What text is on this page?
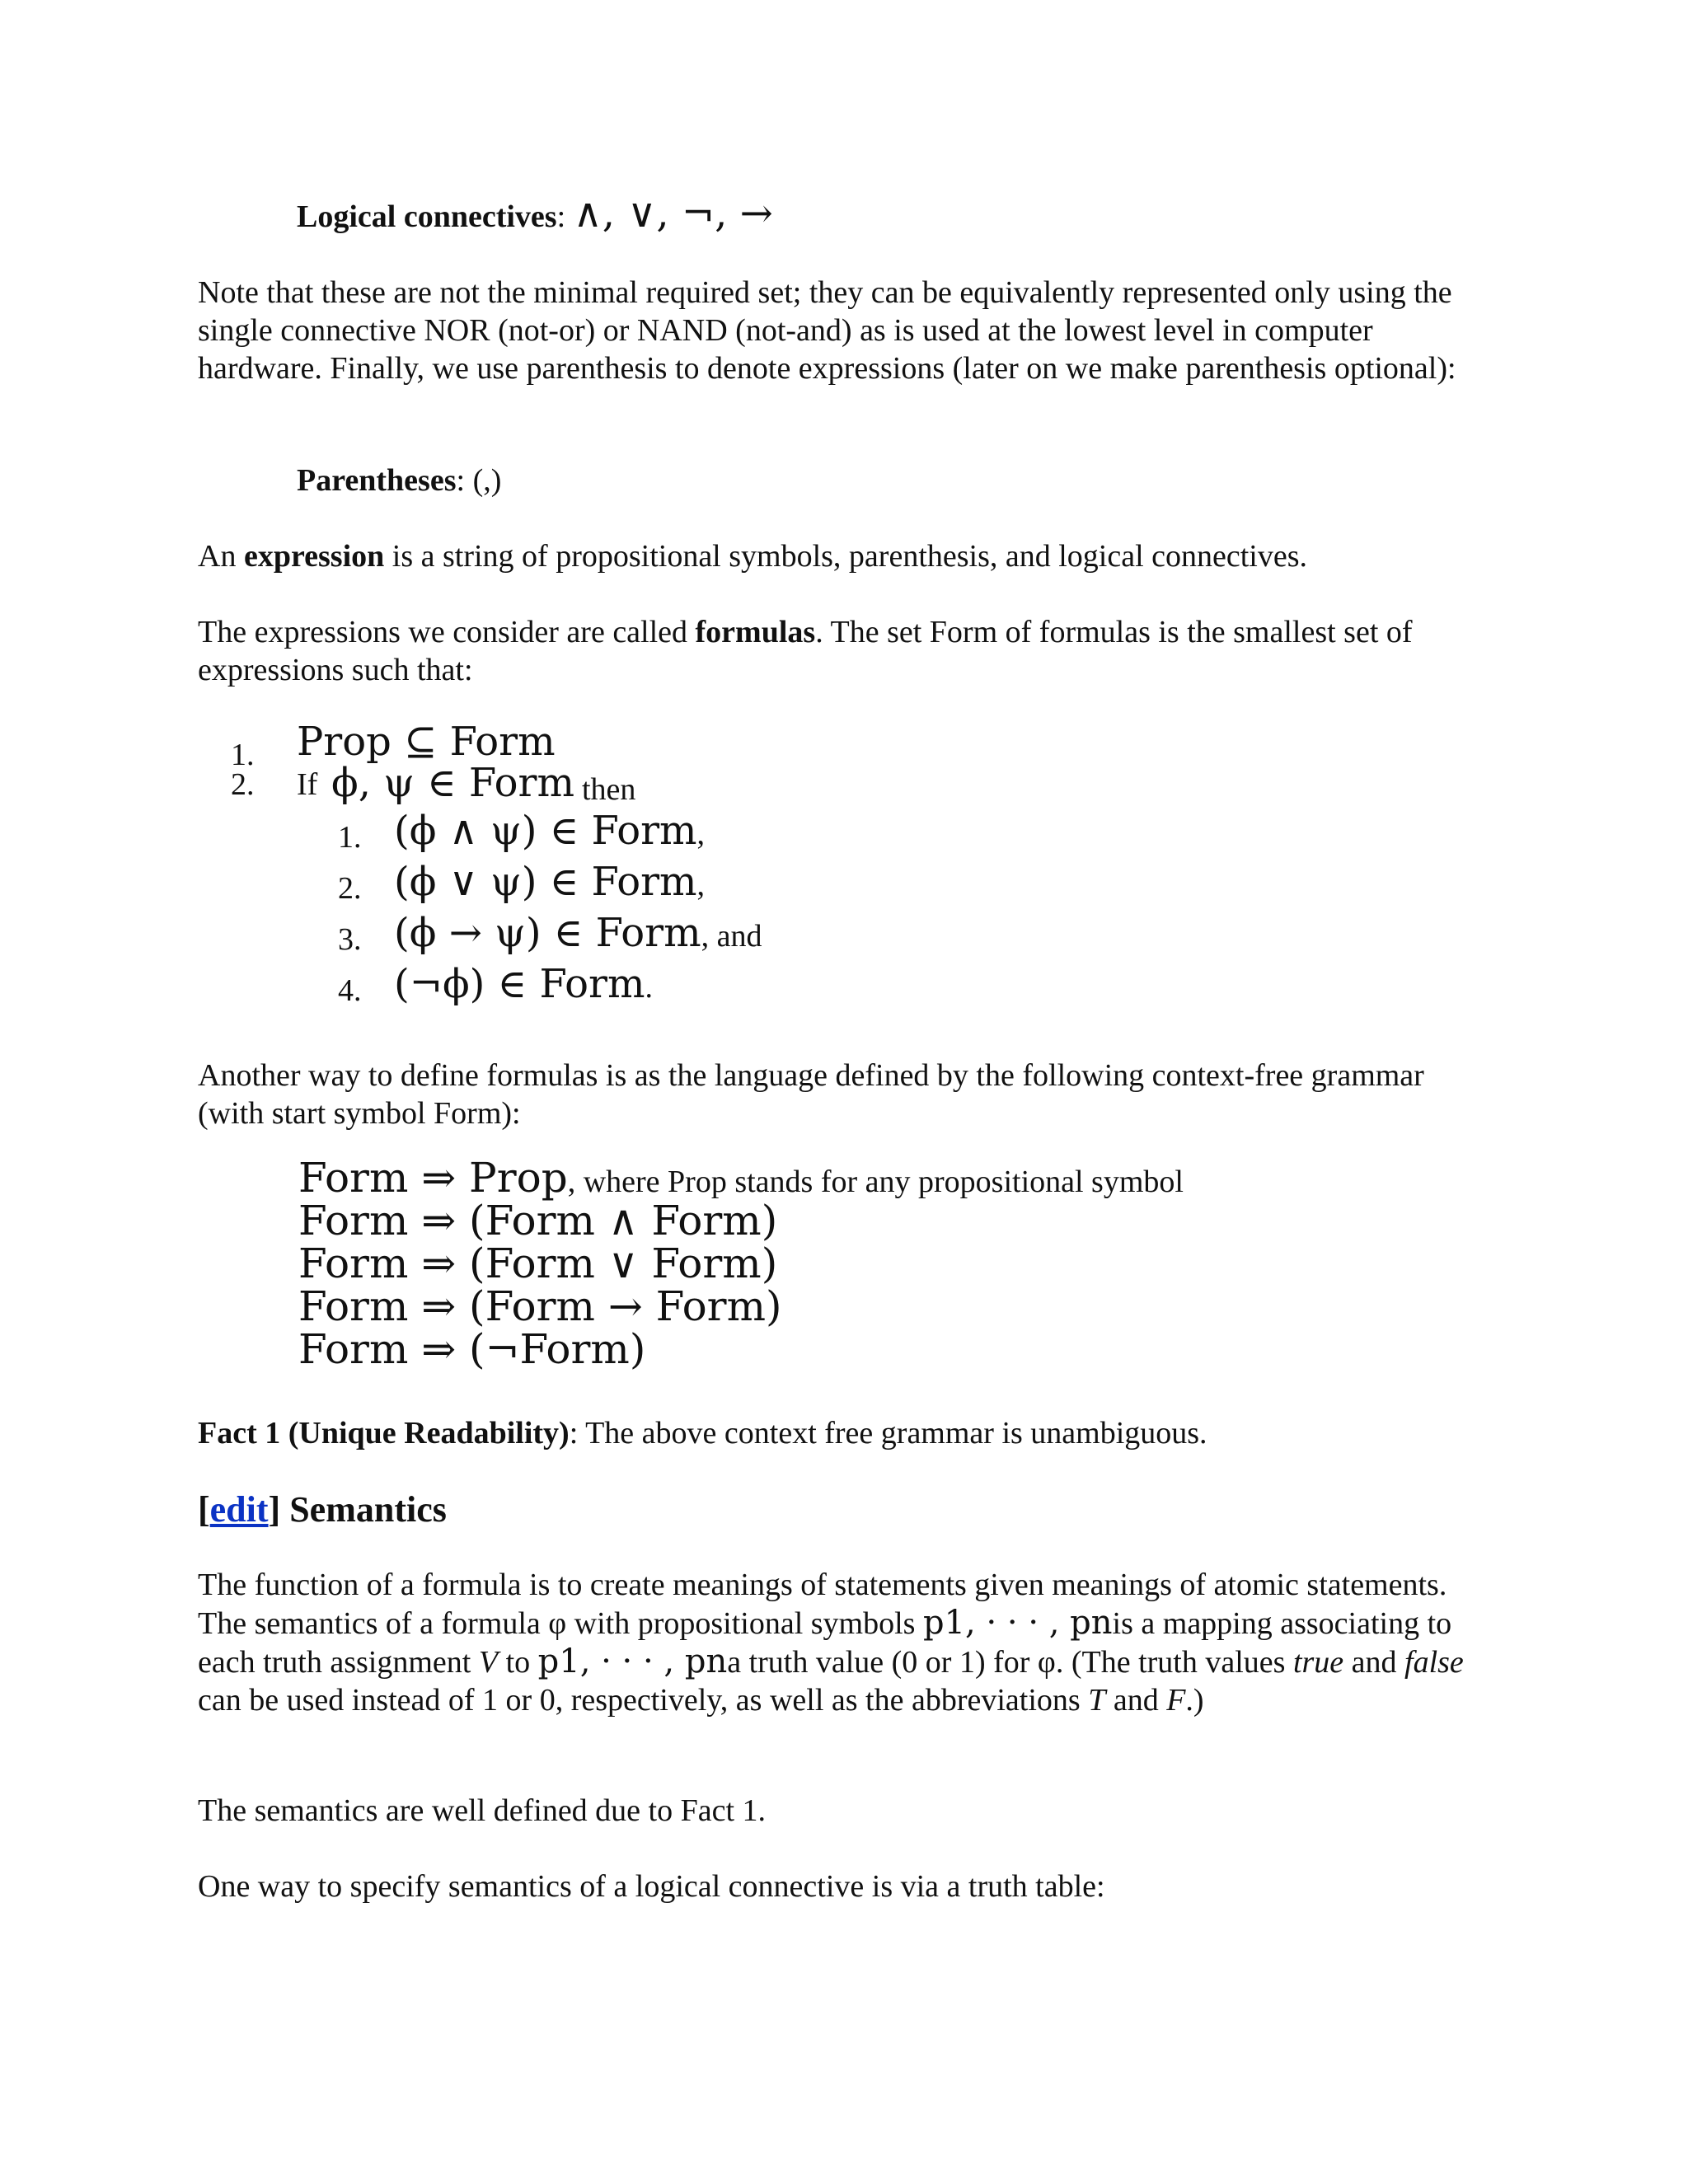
Logical connectives: ∧, ∨, ¬, →
Note that these are not the minimal required set; they can be equivalently represented only using the single connective NOR (not-or) or NAND (not-and) as is used at the lowest level in computer hardware. Finally, we use parenthesis to denote expressions (later on we make parenthesis optional):
Parentheses: (,)
An expression is a string of propositional symbols, parenthesis, and logical connectives.
The expressions we consider are called formulas. The set Form of formulas is the smallest set of expressions such that:
1. Prop ⊆ Form
2. If ϕ, ψ ∈ Form then
1. (ϕ ∧ ψ) ∈ Form,
2. (ϕ ∨ ψ) ∈ Form,
3. (ϕ → ψ) ∈ Form, and
4. (¬ϕ) ∈ Form.
Another way to define formulas is as the language defined by the following context-free grammar (with start symbol Form):
Form ⇒ Prop, where Prop stands for any propositional symbol
Form ⇒ (Form ∧ Form)
Form ⇒ (Form ∨ Form)
Form ⇒ (Form → Form)
Form ⇒ (¬Form)
Fact 1 (Unique Readability): The above context free grammar is unambiguous.
[edit] Semantics
The function of a formula is to create meanings of statements given meanings of atomic statements. The semantics of a formula φ with propositional symbols p1, · · · , pnis a mapping associating to each truth assignment V to p1, · · · , pna truth value (0 or 1) for φ. (The truth values true and false can be used instead of 1 or 0, respectively, as well as the abbreviations T and F.)
The semantics are well defined due to Fact 1.
One way to specify semantics of a logical connective is via a truth table:
